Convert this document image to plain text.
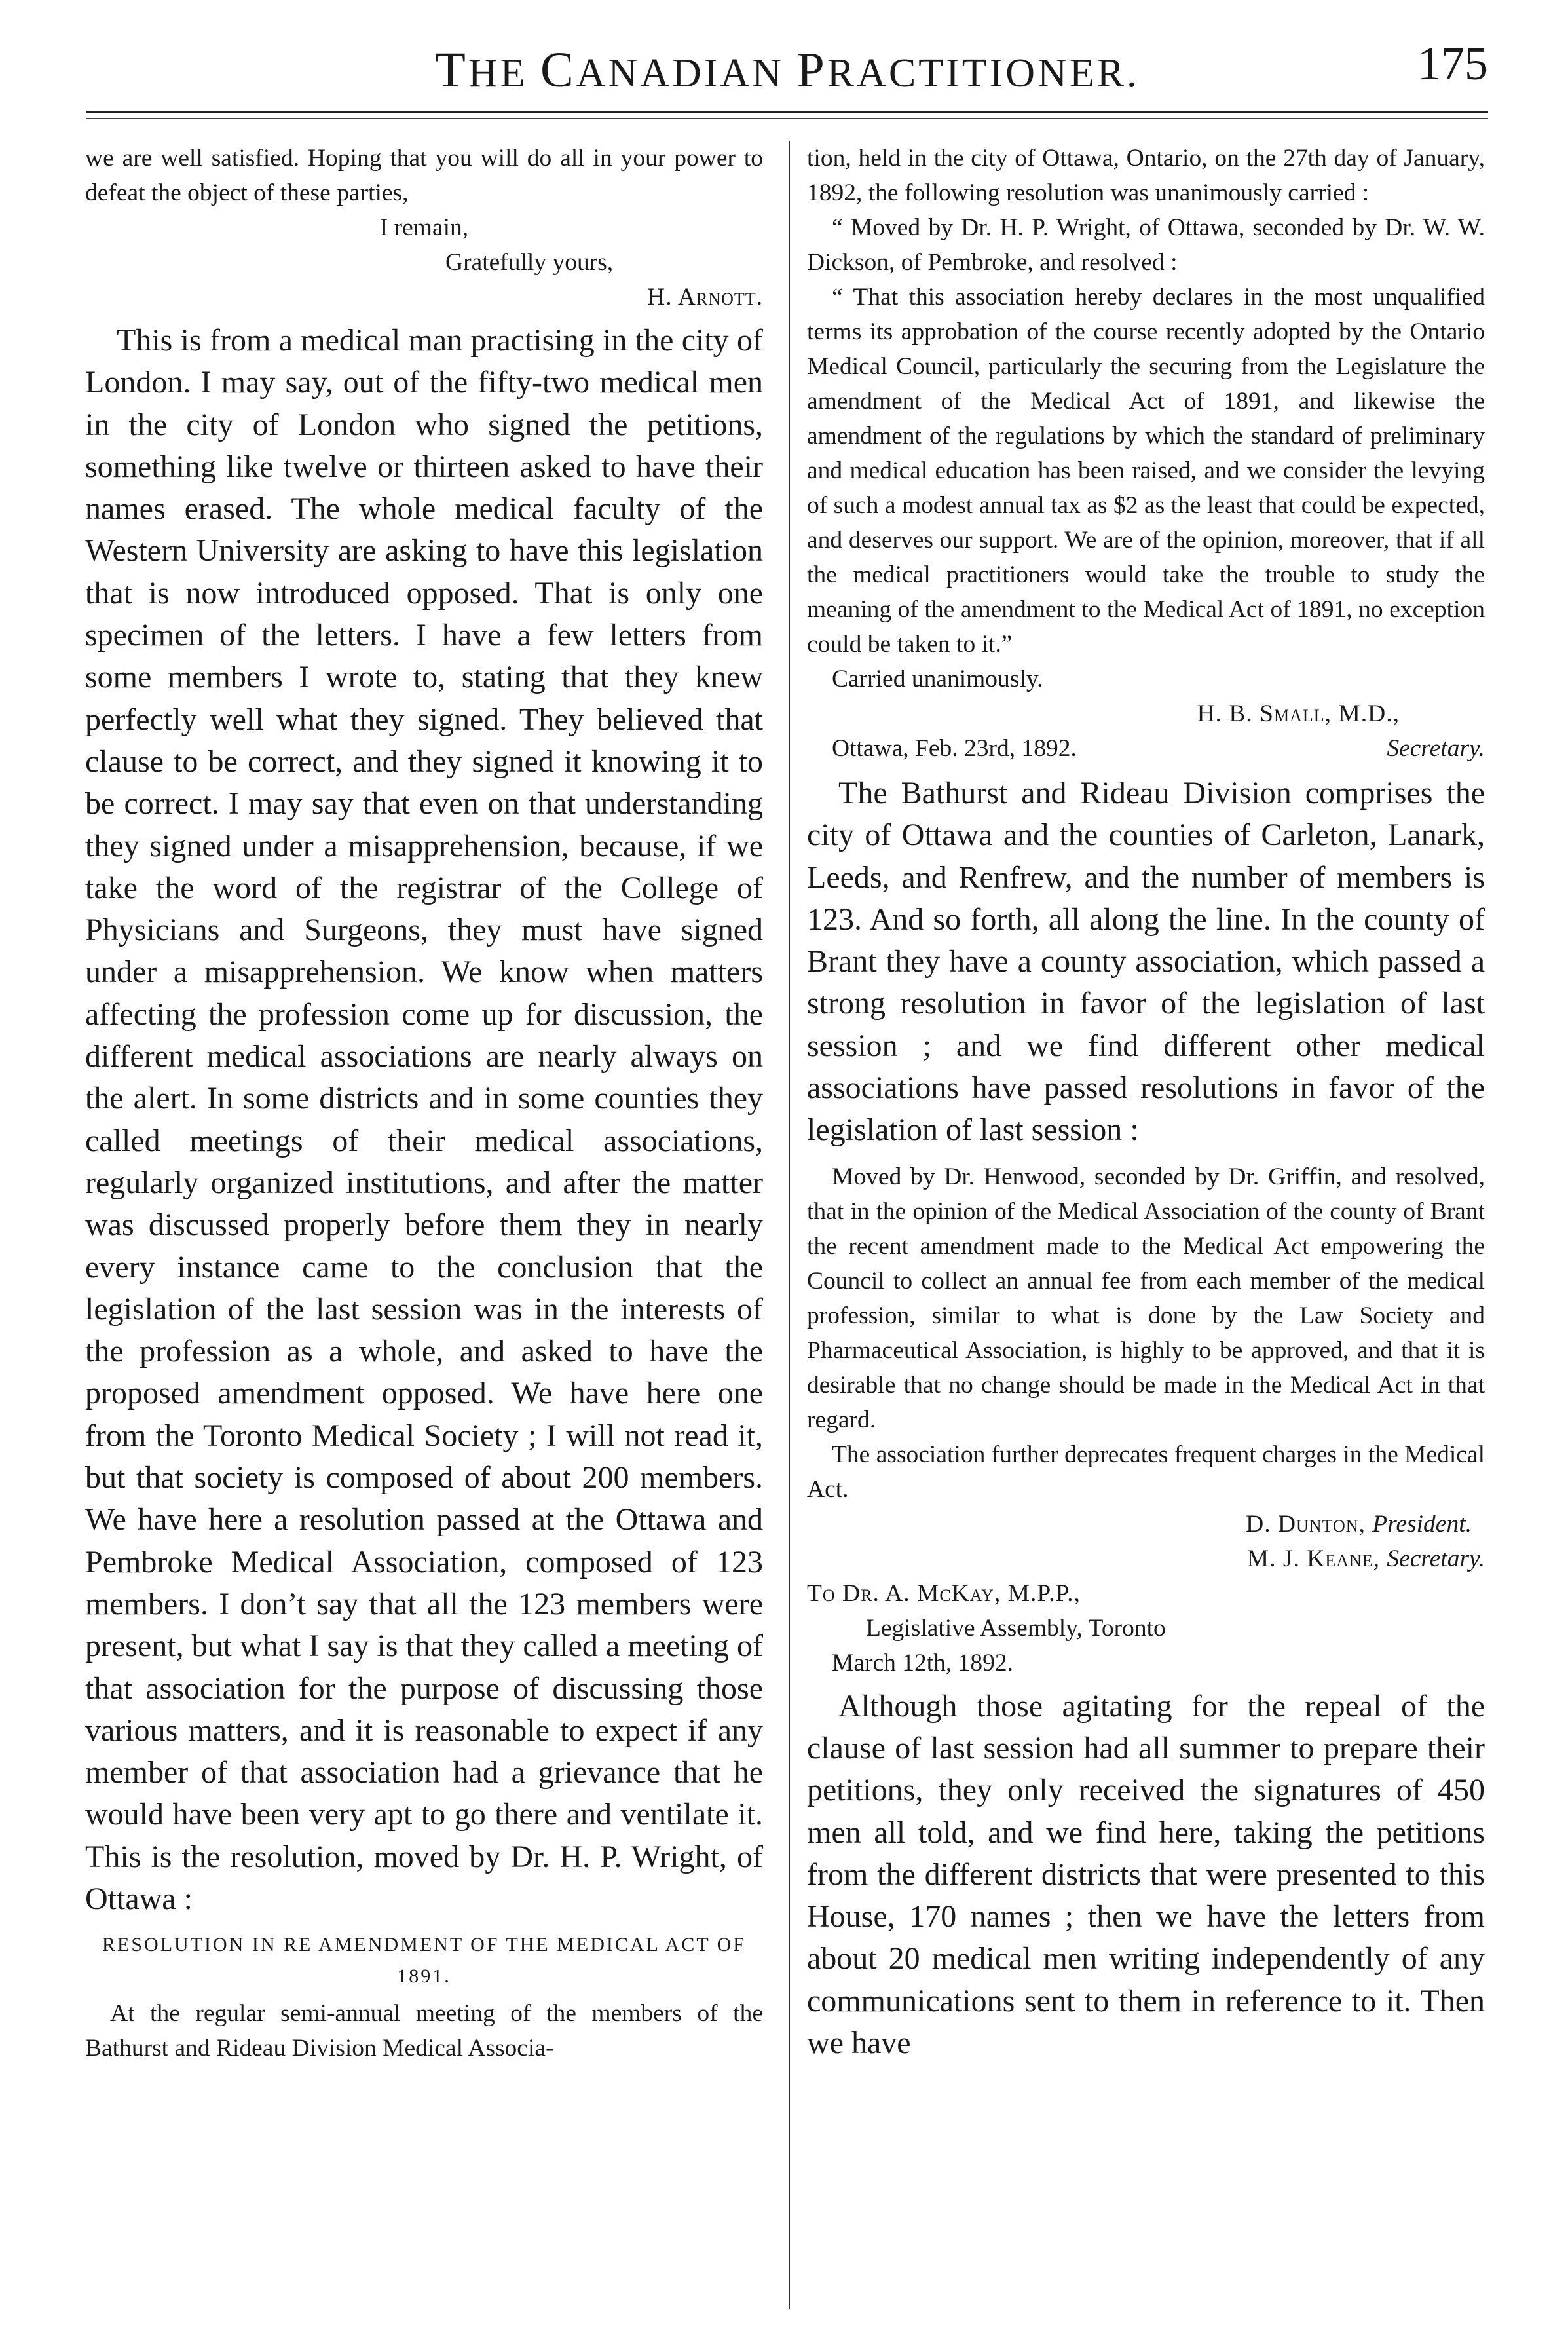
THE CANADIAN PRACTITIONER.	175

we are well satisfied. Hoping that you will do all in your power to defeat the object of these parties,

I remain,

Gratefully yours,

H. Arnott.

This is from a medical man practising in the city of London. I may say, out of the fifty-two medical men in the city of London who signed the petitions, something like twelve or thirteen asked to have their names erased. The whole medical faculty of the Western University are asking to have this legislation that is now introduced opposed. That is only one specimen of the letters. I have a few letters from some members I wrote to, stating that they knew perfectly well what they signed. They believed that clause to be correct, and they signed it knowing it to be correct. I may say that even on that understanding they signed under a misapprehension, because, if we take the word of the registrar of the College of Physicians and Surgeons, they must have signed under a misapprehension. We know when matters affecting the profession come up for discussion, the different medical associations are nearly always on the alert. In some districts and in some counties they called meetings of their medical associations, regularly organized institutions, and after the matter was discussed properly before them they in nearly every instance came to the conclusion that the legislation of the last session was in the interests of the profession as a whole, and asked to have the proposed amendment opposed. We have here one from the Toronto Medical Society ; I will not read it, but that society is composed of about 200 members. We have here a resolution passed at the Ottawa and Pembroke Medical Association, composed of 123 members. I don’t say that all the 123 members were present, but what I say is that they called a meeting of that association for the purpose of discussing those various matters, and it is reasonable to expect if any member of that association had a grievance that he would have been very apt to go there and ventilate it. This is the resolution, moved by Dr. H. P. Wright, of Ottawa :

RESOLUTION IN RE AMENDMENT OF THE MEDICAL ACT OF 1891.

At the regular semi-annual meeting of the members of the Bathurst and Rideau Division Medical Associa-

tion, held in the city of Ottawa, Ontario, on the 27th day of January, 1892, the following resolution was unanimously carried :

“ Moved by Dr. H. P. Wright, of Ottawa, seconded by Dr. W. W. Dickson, of Pembroke, and resolved :

“ That this association hereby declares in the most unqualified terms its approbation of the course recently adopted by the Ontario Medical Council, particularly the securing from the Legislature the amendment of the Medical Act of 1891, and likewise the amendment of the regulations by which the standard of preliminary and medical education has been raised, and we consider the levying of such a modest annual tax as $2 as the least that could be expected, and deserves our support. We are of the opinion, moreover, that if all the medical practitioners would take the trouble to study the meaning of the amendment to the Medical Act of 1891, no exception could be taken to it.”

Carried unanimously.

H. B. Small, M.D.,

Ottawa, Feb. 23rd, 1892.	Secretary.

The Bathurst and Rideau Division comprises the city of Ottawa and the counties of Carleton, Lanark, Leeds, and Renfrew, and the number of members is 123. And so forth, all along the line. In the county of Brant they have a county association, which passed a strong resolution in favor of the legislation of last session ; and we find different other medical associations have passed resolutions in favor of the legislation of last session :

Moved by Dr. Henwood, seconded by Dr. Griffin, and resolved, that in the opinion of the Medical Association of the county of Brant the recent amendment made to the Medical Act empowering the Council to collect an annual fee from each member of the medical profession, similar to what is done by the Law Society and Pharmaceutical Association, is highly to be approved, and that it is desirable that no change should be made in the Medical Act in that regard.

The association further deprecates frequent charges in the Medical Act.

D. Dunton, President.

M. J. Keane, Secretary.

To Dr. A. McKay, M.P.P.,

Legislative Assembly, Toronto

March 12th, 1892.

Although those agitating for the repeal of the clause of last session had all summer to prepare their petitions, they only received the signatures of 450 men all told, and we find here, taking the petitions from the different districts that were presented to this House, 170 names ; then we have the letters from about 20 medical men writing independently of any communications sent to them in reference to it. Then we have
